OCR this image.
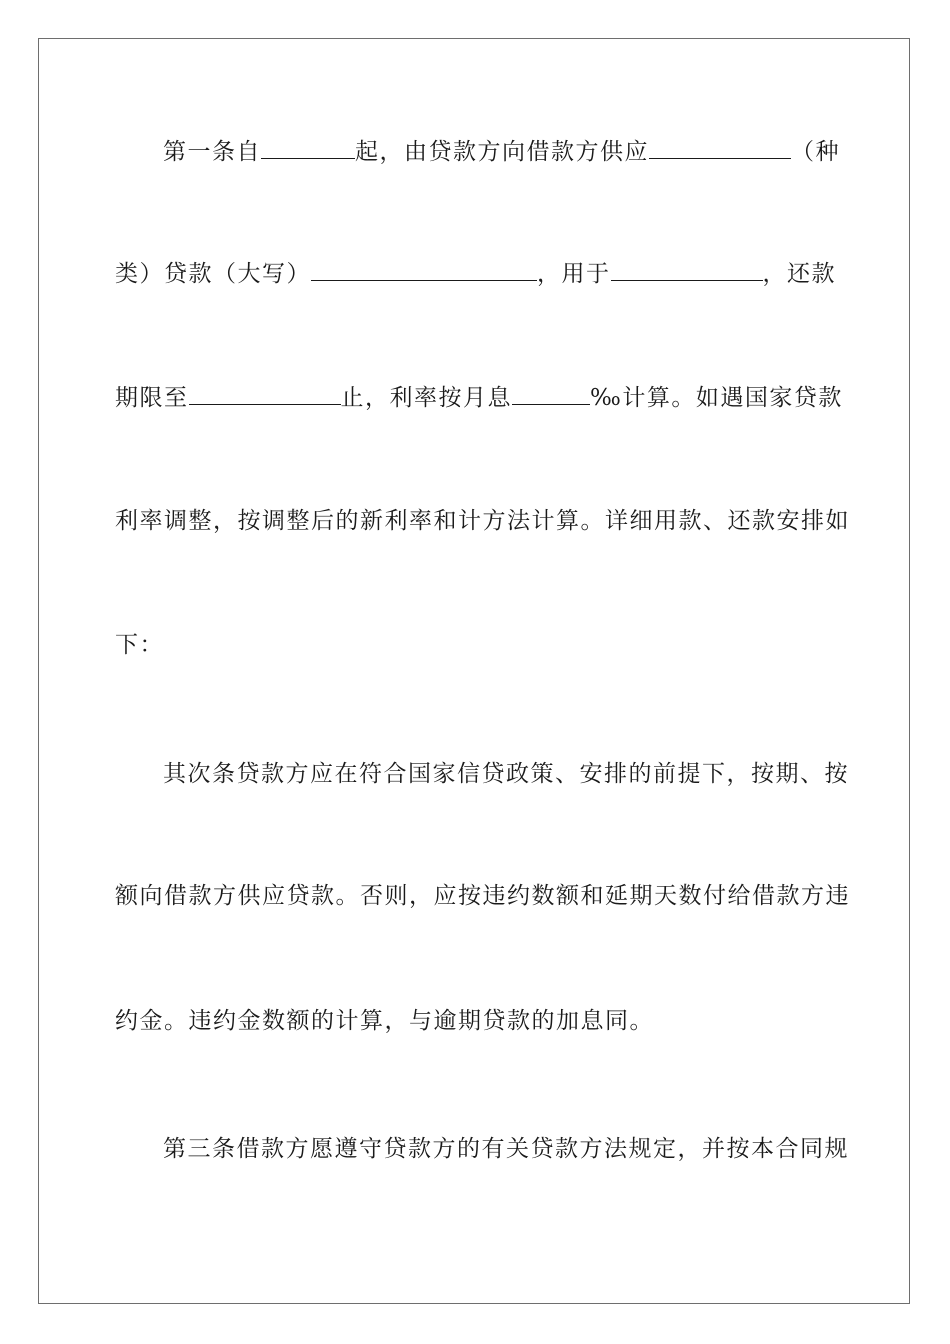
第一条自	起，由贷款方向借款方供应	（种
类）贷款（大写）	，用于	，还款
期限至	止，利率按月息	‰计算。如遇国家贷款
利率调整，按调整后的新利率和计方法计算。详细用款、还款安排如
下：
其次条贷款方应在符合国家信贷政策、安排的前提下，按期、按
额向借款方供应贷款。否则，应按违约数额和延期天数付给借款方违
约金。违约金数额的计算，与逾期贷款的加息同。
第三条借款方愿遵守贷款方的有关贷款方法规定，并按本合同规
